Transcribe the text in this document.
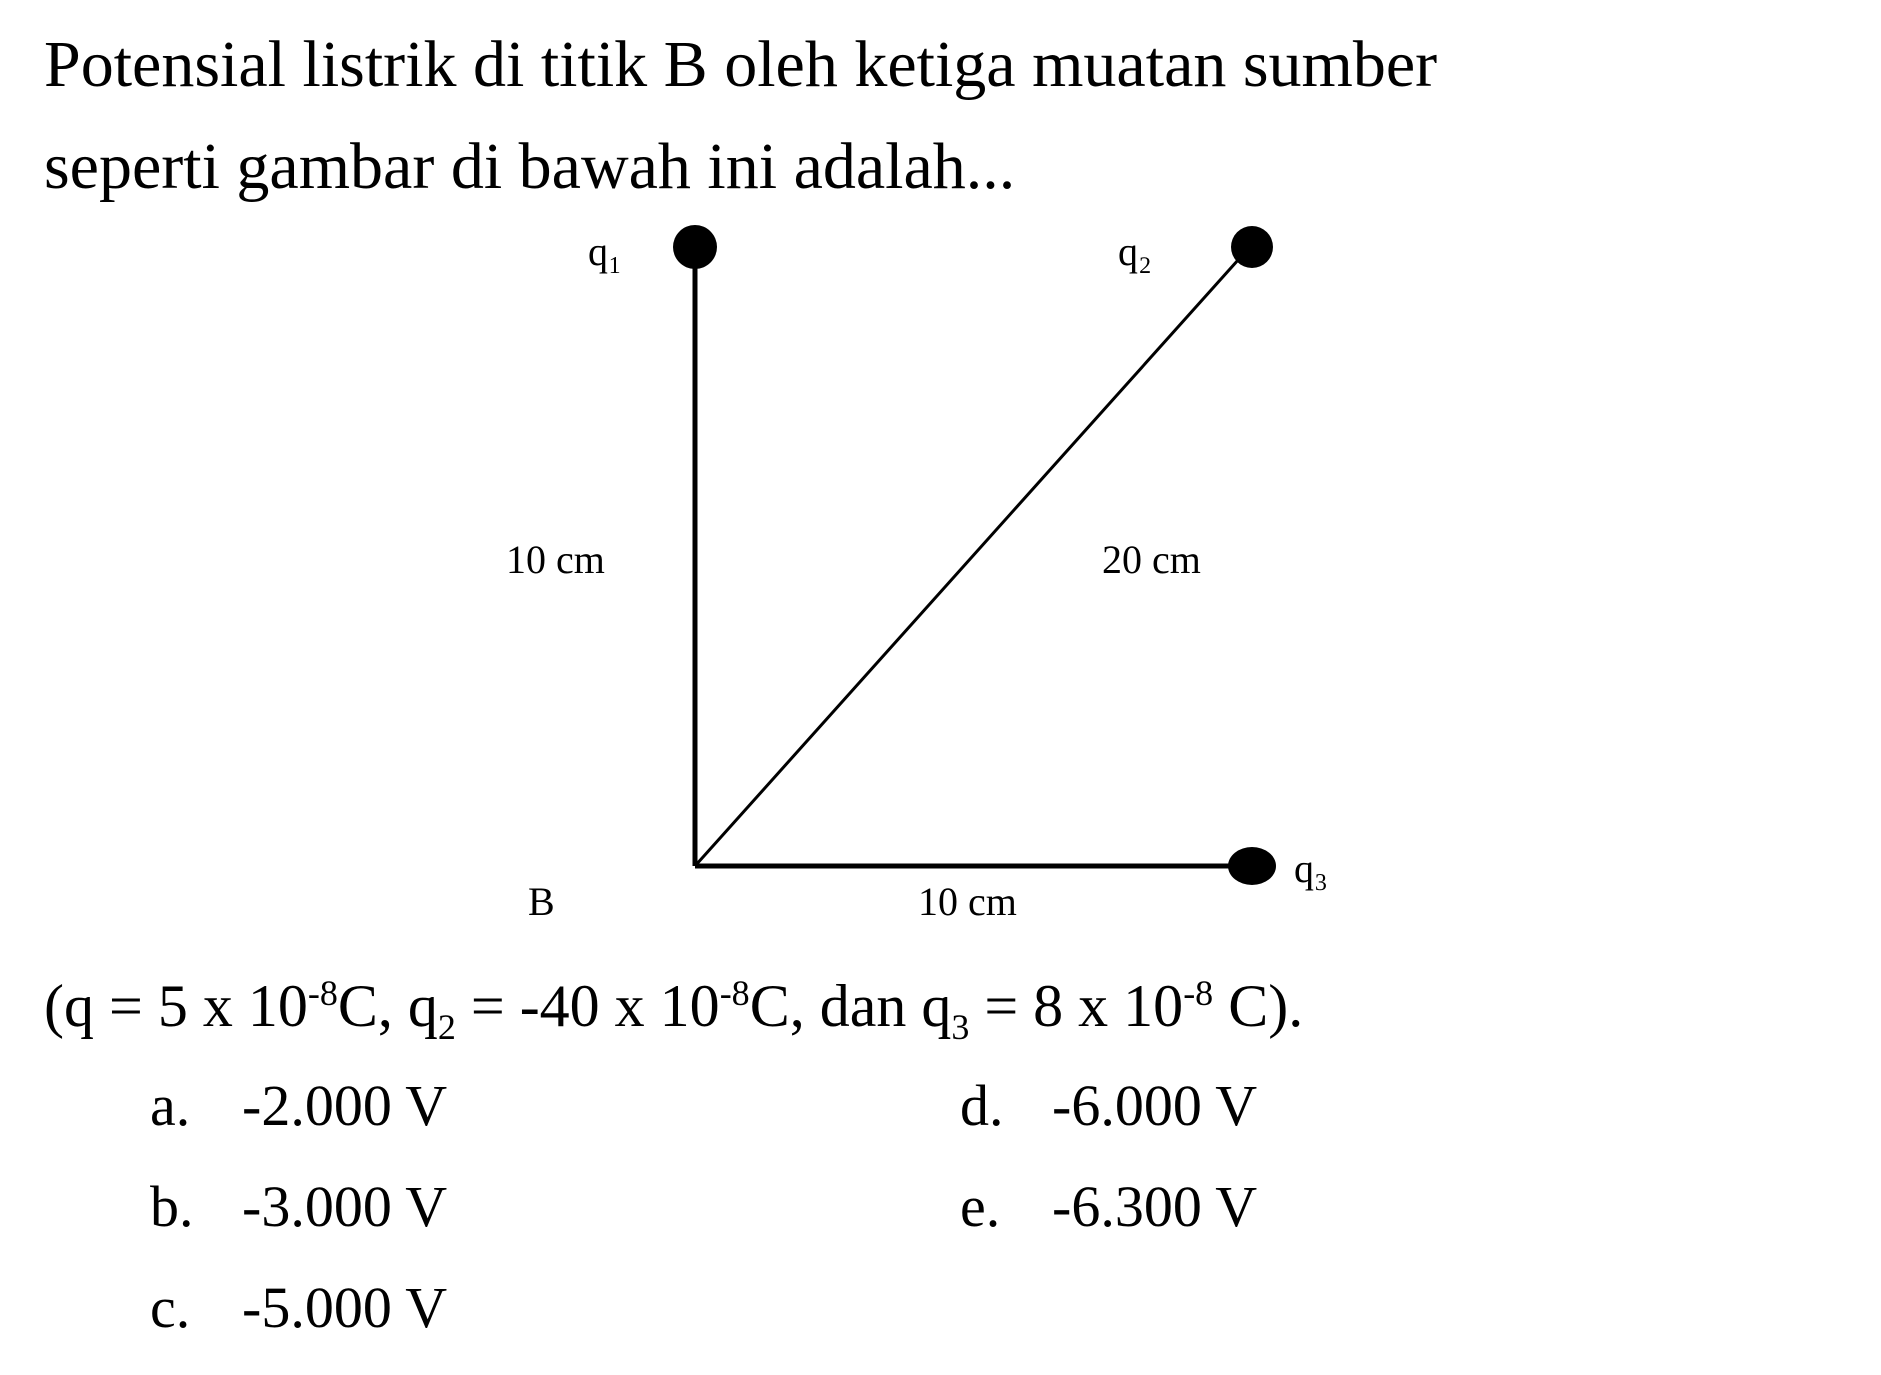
Potensial listrik di titik B oleh ketiga muatan sumber
seperti gambar di bawah ini adalah...
q₁	q₂
q₃
B
10 cm	20 cm
10 cm
(q = 5 x $10^{-8}C$, $q_2 = -40$ x $10^{-8}C$, dan $q_3 = 8$ x $10^{-8}$ C).
a. -2.000 V
b. -3.000 V
c. -5.000 V
d. -6.000 V
e. -6.300 V
